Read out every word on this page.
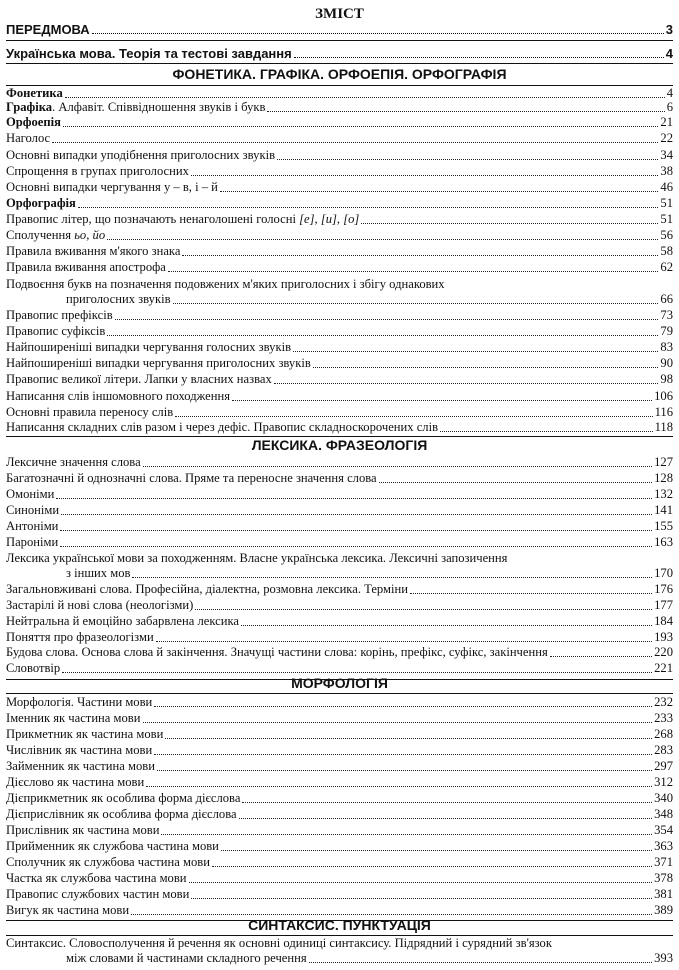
ЗМІСТ
ПЕРЕДМОВА	3
Українська мова. Теорія та тестові завдання	4
ФОНЕТИКА. ГРАФІКА. ОРФОЕПІЯ. ОРФОГРАФІЯ
Фонетика	4
Графіка. Алфавіт. Співвідношення звуків і букв	6
Орфоепія	21
Наголос	22
Основні випадки уподібнення приголосних звуків	34
Спрощення в групах приголосних	38
Основні випадки чергування у – в, і – й	46
Орфографія	51
Правопис літер, що позначають ненаголошені голосні [е], [и], [о]	51
Сполучення ьо, йо	56
Правила вживання м'якого знака	58
Правила вживання апострофа	62
Подвоєння букв на позначення подовжених м'яких приголосних і збігу однакових
приголосних звуків	66
Правопис префіксів	73
Правопис суфіксів	79
Найпоширеніші випадки чергування голосних звуків	83
Найпоширеніші випадки чергування приголосних звуків	90
Правопис великої літери. Лапки у власних назвах	98
Написання слів іншомовного походження	106
Основні правила переносу слів	116
Написання складних слів разом і через дефіс. Правопис складноскорочених слів	118
ЛЕКСИКА. ФРАЗЕОЛОГІЯ
Лексичне значення слова	127
Багатозначні й однозначні слова. Пряме та переносне значення слова	128
Омоніми	132
Синоніми	141
Антоніми	155
Пароніми	163
Лексика української мови за походженням. Власне українська лексика. Лексичні запозичення
з інших мов	170
Загальновживані слова. Професійна, діалектна, розмовна лексика. Терміни	176
Застарілі й нові слова (неологізми)	177
Нейтральна й емоційно забарвлена лексика	184
Поняття про фразеологізми	193
Будова слова. Основа слова й закінчення. Значущі частини слова: корінь, префікс, суфікс, закінчення	220
Словотвір	221
МОРФОЛОГІЯ
Морфологія. Частини мови	232
Іменник як частина мови	233
Прикметник як частина мови	268
Числівник як частина мови	283
Займенник як частина мови	297
Дієслово як частина мови	312
Дієприкметник як особлива форма дієслова	340
Дієприслівник як особлива форма дієслова	348
Прислівник як частина мови	354
Прийменник як службова частина мови	363
Сполучник як службова частина мови	371
Частка як службова частина мови	378
Правопис службових частин мови	381
Вигук як частина мови	389
СИНТАКСИС. ПУНКТУАЦІЯ
Синтаксис. Словосполучення й речення як основні одиниці синтаксису. Підрядний і сурядний зв'язок
між словами й частинами складного речення	393
